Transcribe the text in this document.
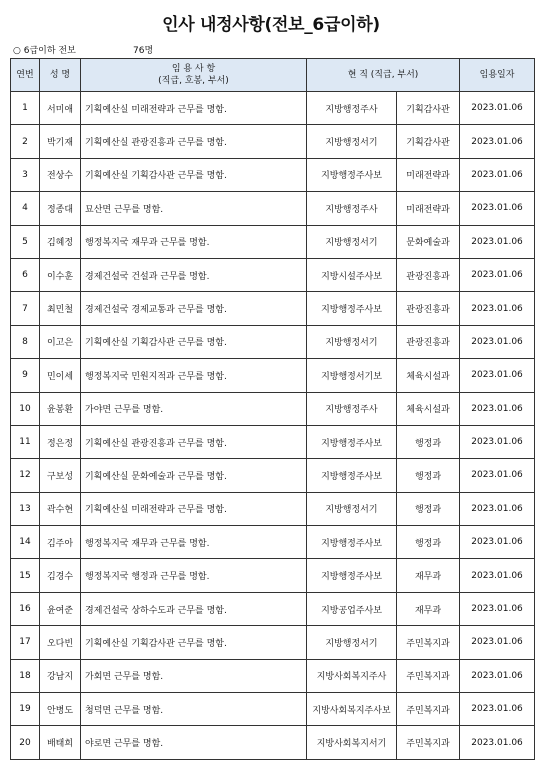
인사 내정사항(전보_6급이하)
○ 6급이하 전보	76명
연번	성 명	임 용 사 항
(직급, 호봉, 부서)	현 직 (직급, 부서)		임용일자
1	서미애	기획예산실 미래전략과 근무를 명함.	지방행정주사	기획감사관	2023.01.06
2	박기재	기획예산실 관광진흥과 근무를 명함.	지방행정서기	기획감사관	2023.01.06
3	전상수	기획예산실 기획감사관 근무를 명함.	지방행정주사보	미래전략과	2023.01.06
4	정종대	묘산면 근무를 명함.	지방행정주사	미래전략과	2023.01.06
5	김혜정	행정복지국 재무과 근무를 명함.	지방행정서기	문화예술과	2023.01.06
6	이수훈	경제건설국 건설과 근무를 명함.	지방시설주사보	관광진흥과	2023.01.06
7	최민철	경제건설국 경제교통과 근무를 명함.	지방행정주사보	관광진흥과	2023.01.06
8	이고은	기획예산실 기획감사관 근무를 명함.	지방행정서기	관광진흥과	2023.01.06
9	민이세	행정복지국 민원지적과 근무를 명함.	지방행정서기보	체육시설과	2023.01.06
10	윤봉환	가야면 근무를 명함.	지방행정주사	체육시설과	2023.01.06
11	정은정	기획예산실 관광진흥과 근무를 명함.	지방행정주사보	행정과	2023.01.06
12	구보성	기획예산실 문화예술과 근무를 명함.	지방행정주사보	행정과	2023.01.06
13	곽수현	기획예산실 미래전략과 근무를 명함.	지방행정서기	행정과	2023.01.06
14	김주아	행정복지국 재무과 근무를 명함.	지방행정주사보	행정과	2023.01.06
15	김경수	행정복지국 행정과 근무를 명함.	지방행정주사보	재무과	2023.01.06
16	윤여준	경제건설국 상하수도과 근무를 명함.	지방공업주사보	재무과	2023.01.06
17	오다빈	기획예산실 기획감사관 근무를 명함.	지방행정서기	주민복지과	2023.01.06
18	강남지	가회면 근무를 명함.	지방사회복지주사	주민복지과	2023.01.06
19	안병도	청덕면 근무를 명함.	지방사회복지주사보	주민복지과	2023.01.06
20	배태희	야로면 근무를 명함.	지방사회복지서기	주민복지과	2023.01.06
